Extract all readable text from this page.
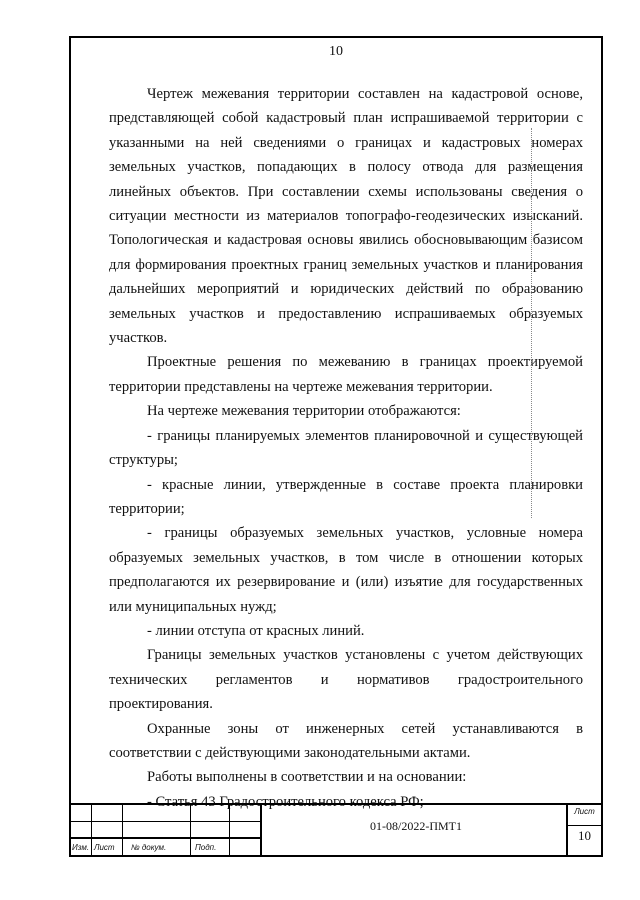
10

Чертеж межевания территории составлен на кадастровой основе, представляющей собой кадастровый план испрашиваемой территории с указанными на ней сведениями о границах и кадастровых номерах земельных участков, попадающих в полосу отвода для размещения линейных объектов. При составлении схемы использованы сведения о ситуации местности из материалов топографо-геодезических изысканий. Топологическая и кадастровая основы явились обосновывающим базисом для формирования проектных границ земельных участков и планирования дальнейших мероприятий и юридических действий по образованию земельных участков и предоставлению испрашиваемых образуемых участков.

Проектные решения по межеванию в границах проектируемой территории представлены на чертеже межевания территории.

На чертеже межевания территории отображаются:

- границы планируемых элементов планировочной и существующей структуры;

- красные линии, утвержденные в составе проекта планировки территории;

- границы образуемых земельных участков, условные номера образуемых земельных участков, в том числе в отношении которых предполагаются их резервирование и (или) изъятие для государственных или муниципальных нужд;

- линии отступа от красных линий.

Границы земельных участков установлены с учетом действующих технических регламентов и нормативов градостроительного проектирования.

Охранные зоны от инженерных сетей устанавливаются в соответствии с действующими законодательными актами.

Работы выполнены в соответствии и на основании:

- Статья 43 Градостроительного кодекса РФ;

Изм. Лист № докум.	Подп.
01-08/2022-ПМТ1
Лист
10
